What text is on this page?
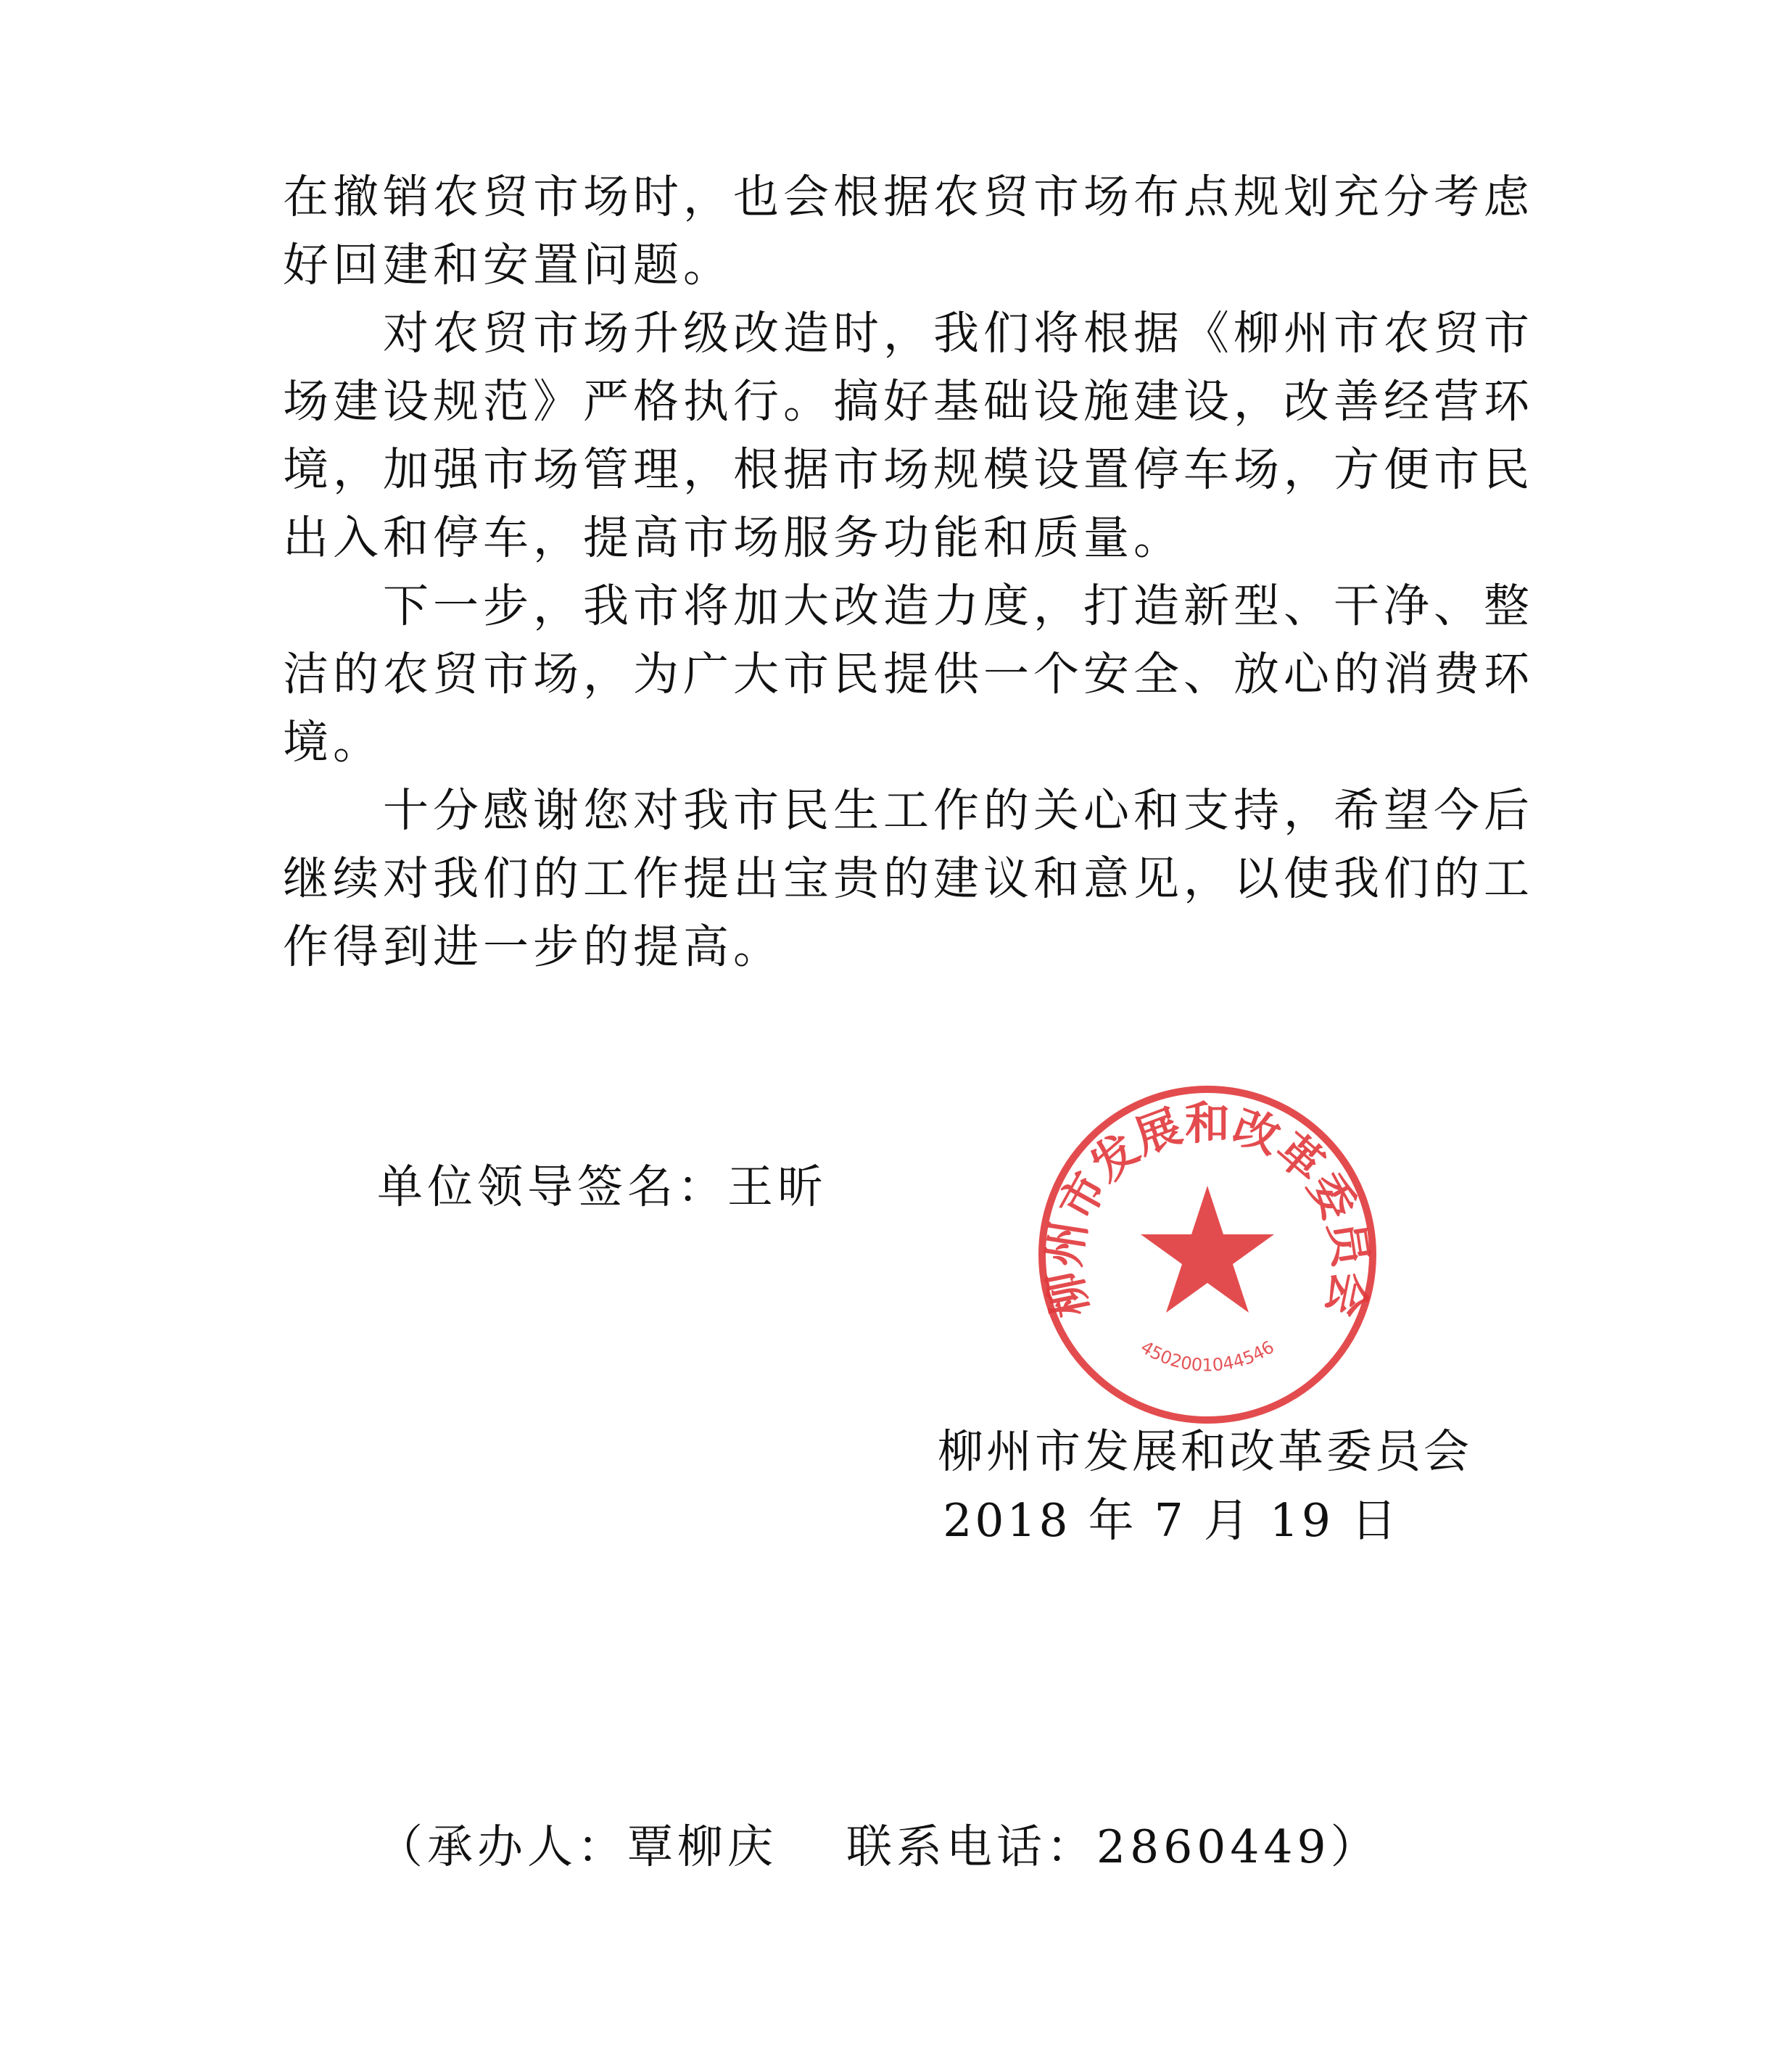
在撤销农贸市场时，也会根据农贸市场布点规划充分考虑
好回建和安置问题。
　　对农贸市场升级改造时，我们将根据《柳州市农贸市
场建设规范》严格执行。搞好基础设施建设，改善经营环
境，加强市场管理，根据市场规模设置停车场，方便市民
出入和停车，提高市场服务功能和质量。
　　下一步，我市将加大改造力度，打造新型、干净、整
洁的农贸市场，为广大市民提供一个安全、放心的消费环
境。
　　十分感谢您对我市民生工作的关心和支持，希望今后
继续对我们的工作提出宝贵的建议和意见，以使我们的工
作得到进一步的提高。
单位领导签名：王昕
柳州市发展和改革委员会
4502001044546
柳州市发展和改革委员会
2018 年 7 月 19 日
（承办人：覃柳庆　 联系电话：2860449）
